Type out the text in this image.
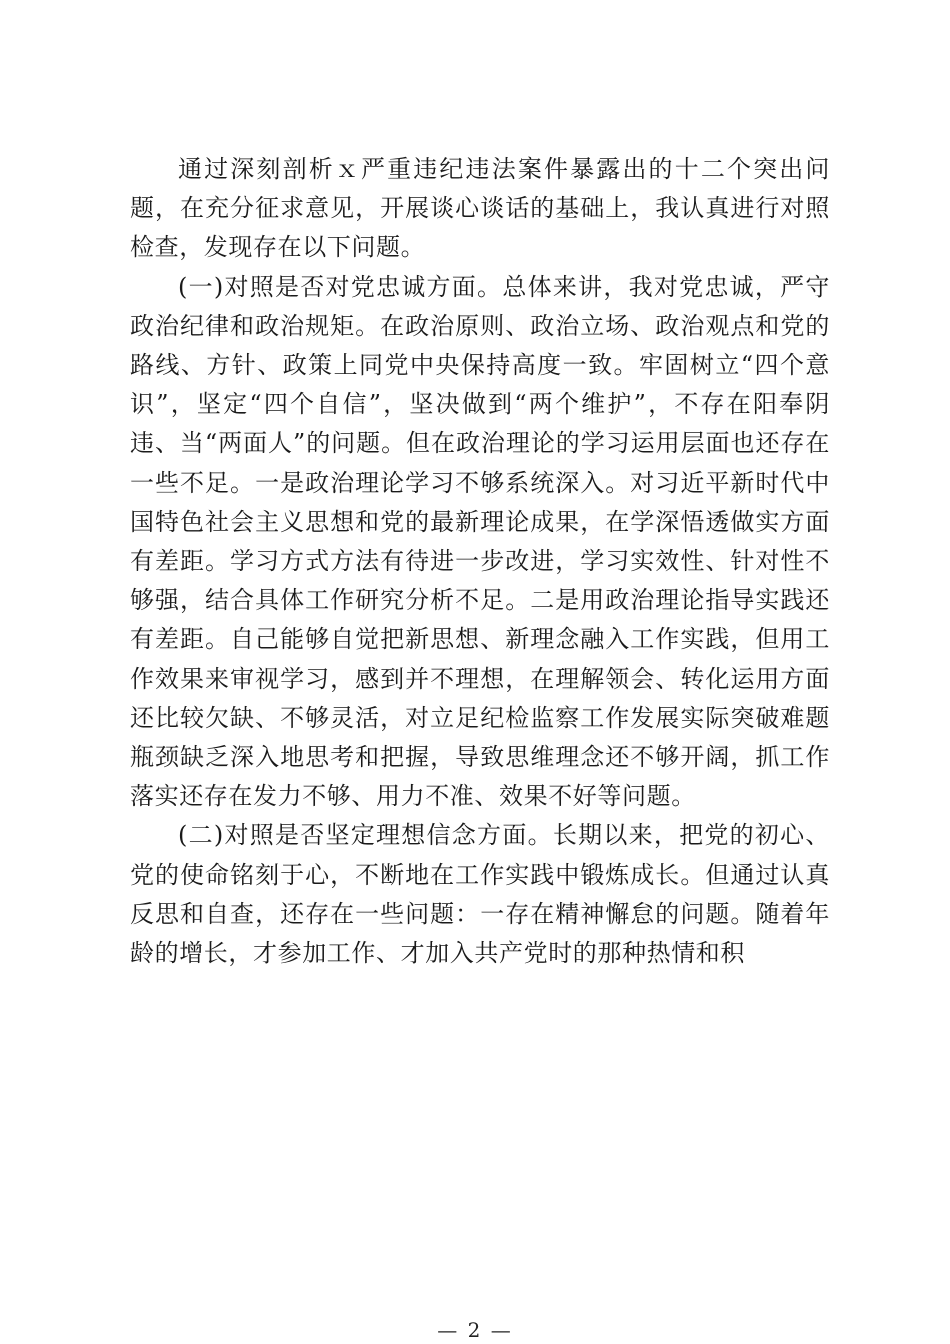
通过深刻剖析ｘ严重违纪违法案件暴露出的十二个突出问题，在充分征求意见，开展谈心谈话的基础上，我认真进行对照检查，发现存在以下问题。

(一)对照是否对党忠诚方面。总体来讲，我对党忠诚，严守政治纪律和政治规矩。在政治原则、政治立场、政治观点和党的路线、方针、政策上同党中央保持高度一致。牢固树立“四个意识”，坚定“四个自信”，坚决做到“两个维护”，不存在阳奉阴违、当“两面人”的问题。但在政治理论的学习运用层面也还存在一些不足。一是政治理论学习不够系统深入。对习近平新时代中国特色社会主义思想和党的最新理论成果，在学深悟透做实方面有差距。学习方式方法有待进一步改进，学习实效性、针对性不够强，结合具体工作研究分析不足。二是用政治理论指导实践还有差距。自己能够自觉把新思想、新理念融入工作实践，但用工作效果来审视学习，感到并不理想，在理解领会、转化运用方面还比较欠缺、不够灵活，对立足纪检监察工作发展实际突破难题瓶颈缺乏深入地思考和把握，导致思维理念还不够开阔，抓工作落实还存在发力不够、用力不准、效果不好等问题。

(二)对照是否坚定理想信念方面。长期以来，把党的初心、党的使命铭刻于心，不断地在工作实践中锻炼成长。但通过认真反思和自查，还存在一些问题：一存在精神懈怠的问题。随着年龄的增长，才参加工作、才加入共产党时的那种热情和积

— 2 —
